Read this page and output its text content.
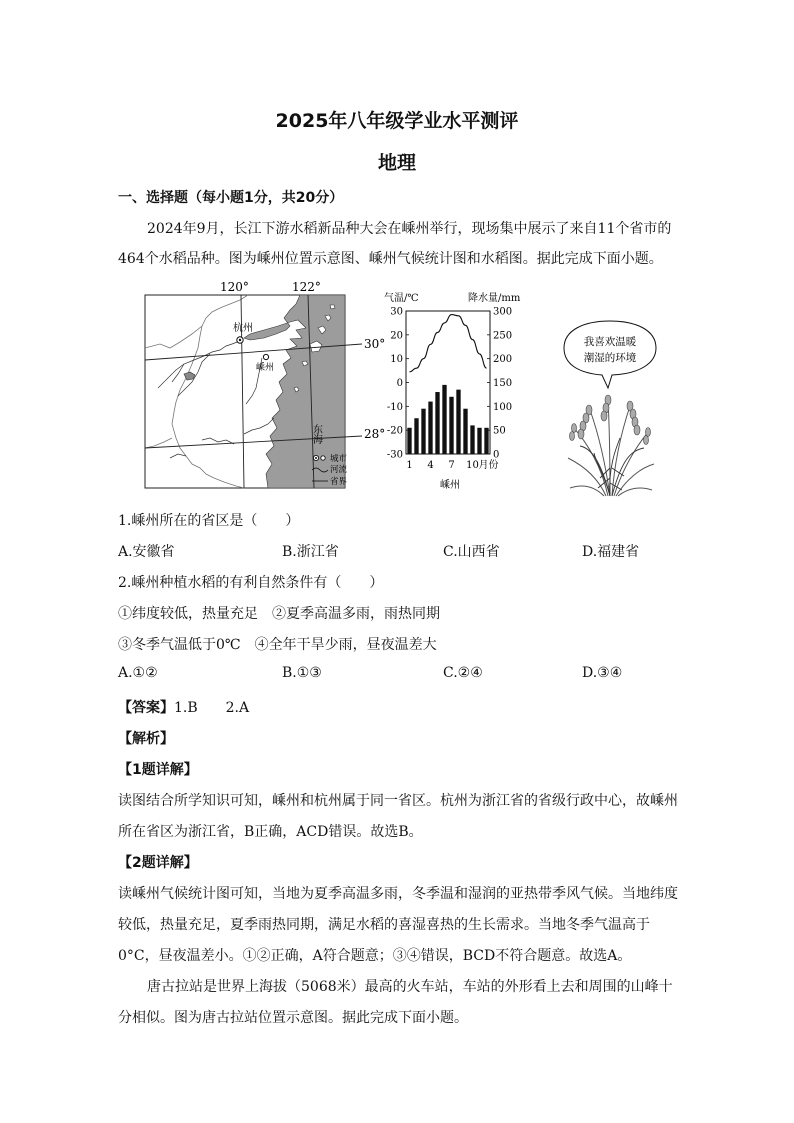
2025年八年级学业水平测评
地理
一、选择题（每小题1分，共20分）
2024年9月，长江下游水稻新品种大会在嵊州举行，现场集中展示了来自11个省市的
464个水稻品种。图为嵊州位置示意图、嵊州气候统计图和水稻图。据此完成下面小题。
120°	122°
30°
28°
杭州
嵊州
东海
城市
河流
省界
气温/℃	降水量/mm
30
20
10
0
-10
-20
-30
300
250
200
150
100
50
0
1 4 7 10 月份
嵊州
我喜欢温暖
潮湿的环境
1.嵊州所在的省区是（　　）
A.安徽省	B.浙江省	C.山西省	D.福建省
2.嵊州种植水稻的有利自然条件有（　　）
①纬度较低，热量充足　②夏季高温多雨，雨热同期
③冬季气温低于0℃　④全年干旱少雨，昼夜温差大
A.①②	B.①③	C.②④	D.③④
【答案】1.B　　2.A
【解析】
【1题详解】
读图结合所学知识可知，嵊州和杭州属于同一省区。杭州为浙江省的省级行政中心，故嵊州
所在省区为浙江省，B正确，ACD错误。故选B。
【2题详解】
读嵊州气候统计图可知，当地为夏季高温多雨，冬季温和湿润的亚热带季风气候。当地纬度
较低，热量充足，夏季雨热同期，满足水稻的喜湿喜热的生长需求。当地冬季气温高于
0°C，昼夜温差小。①②正确，A符合题意；③④错误，BCD不符合题意。故选A。
唐古拉站是世界上海拔（5068米）最高的火车站，车站的外形看上去和周围的山峰十
分相似。图为唐古拉站位置示意图。据此完成下面小题。
